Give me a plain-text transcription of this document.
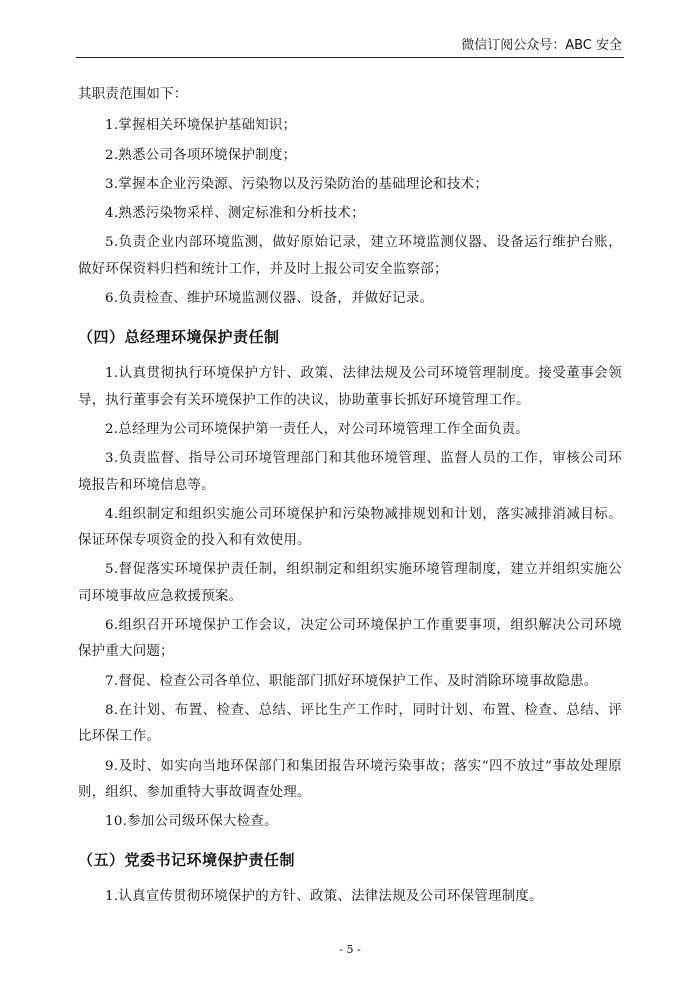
微信订阅公众号：ABC 安全

其职责范围如下：

1.掌握相关环境保护基础知识；

2.熟悉公司各项环境保护制度；

3.掌握本企业污染源、污染物以及污染防治的基础理论和技术；

4.熟悉污染物采样、测定标准和分析技术；

5.负责企业内部环境监测，做好原始记录，建立环境监测仪器、设备运行维护台账，做好环保资料归档和统计工作，并及时上报公司安全监察部；

6.负责检查、维护环境监测仪器、设备，并做好记录。

（四）总经理环境保护责任制

1.认真贯彻执行环境保护方针、政策、法律法规及公司环境管理制度。接受董事会领导，执行董事会有关环境保护工作的决议，协助董事长抓好环境管理工作。

2.总经理为公司环境保护第一责任人，对公司环境管理工作全面负责。

3.负责监督、指导公司环境管理部门和其他环境管理、监督人员的工作，审核公司环境报告和环境信息等。

4.组织制定和组织实施公司环境保护和污染物减排规划和计划，落实减排消减目标。保证环保专项资金的投入和有效使用。

5.督促落实环境保护责任制，组织制定和组织实施环境管理制度，建立并组织实施公司环境事故应急救援预案。

6.组织召开环境保护工作会议，决定公司环境保护工作重要事项，组织解决公司环境保护重大问题；

7.督促、检查公司各单位、职能部门抓好环境保护工作、及时消除环境事故隐患。

8.在计划、布置、检查、总结、评比生产工作时，同时计划、布置、检查、总结、评比环保工作。

9.及时、如实向当地环保部门和集团报告环境污染事故；落实“四不放过”事故处理原则，组织、参加重特大事故调查处理。

10.参加公司级环保大检查。

（五）党委书记环境保护责任制

1.认真宣传贯彻环境保护的方针、政策、法律法规及公司环保管理制度。

- 5 -
